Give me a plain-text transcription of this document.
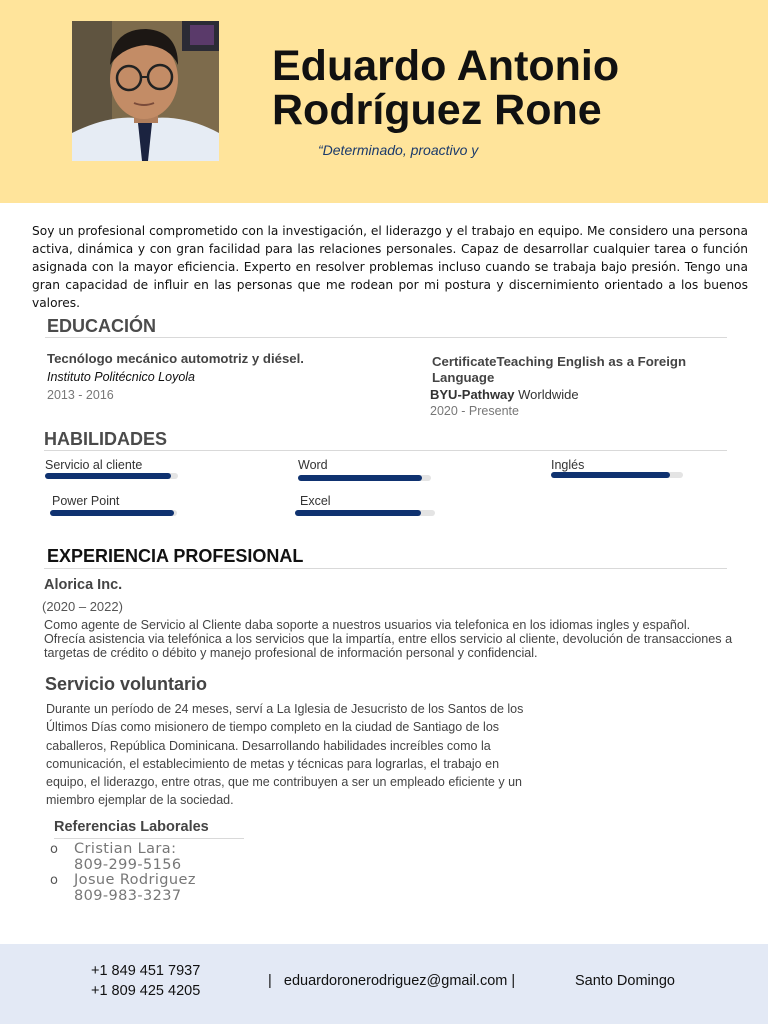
Eduardo Antonio
Rodríguez Rone
“Determinado, proactivo y

Soy un profesional comprometido con la investigación, el liderazgo y el trabajo en equipo. Me considero una persona activa, dinámica y con gran facilidad para las relaciones personales. Capaz de desarrollar cualquier tarea o función asignada con la mayor eficiencia. Experto en resolver problemas incluso cuando se trabaja bajo presión. Tengo una gran capacidad de influir en las personas que me rodean por mi postura y discernimiento orientado a los buenos valores.

EDUCACIÓN
Tecnólogo mecánico automotriz y diésel.
Instituto Politécnico Loyola
2013 - 2016
CertificateTeaching English as a Foreign Language
BYU-Pathway Worldwide
2020 - Presente
HABILIDADES
Servicio al cliente	Word	Inglés
Power Point	Excel
EXPERIENCIA PROFESIONAL
Alorica Inc.
(2020 – 2022)

Como agente de Servicio al Cliente daba soporte a nuestros usuarios via telefonica en los idiomas ingles y español. Ofrecía asistencia via telefónica a los servicios que la impartía, entre ellos servicio al cliente, devolución de transacciones a targetas de crédito o débito y manejo profesional de información personal y confidencial.

Servicio voluntario

Durante un período de 24 meses, serví a La Iglesia de Jesucristo de los Santos de los Últimos Días como misionero de tiempo completo en la ciudad de Santiago de los caballeros, República Dominicana. Desarrollando habilidades increíbles como la comunicación, el establecimiento de metas y técnicas para lograrlas, el trabajo en equipo, el liderazgo, entre otras, que me contribuyen a ser un empleado eficiente y un miembro ejemplar de la sociedad.

Referencias Laborales
o Cristian Lara:
809-299-5156
o Josue Rodriguez
809-983-3237
+1 849 451 7937
+1 809 425 4205
| eduardoronerodriguez@gmail.com |	Santo Domingo
